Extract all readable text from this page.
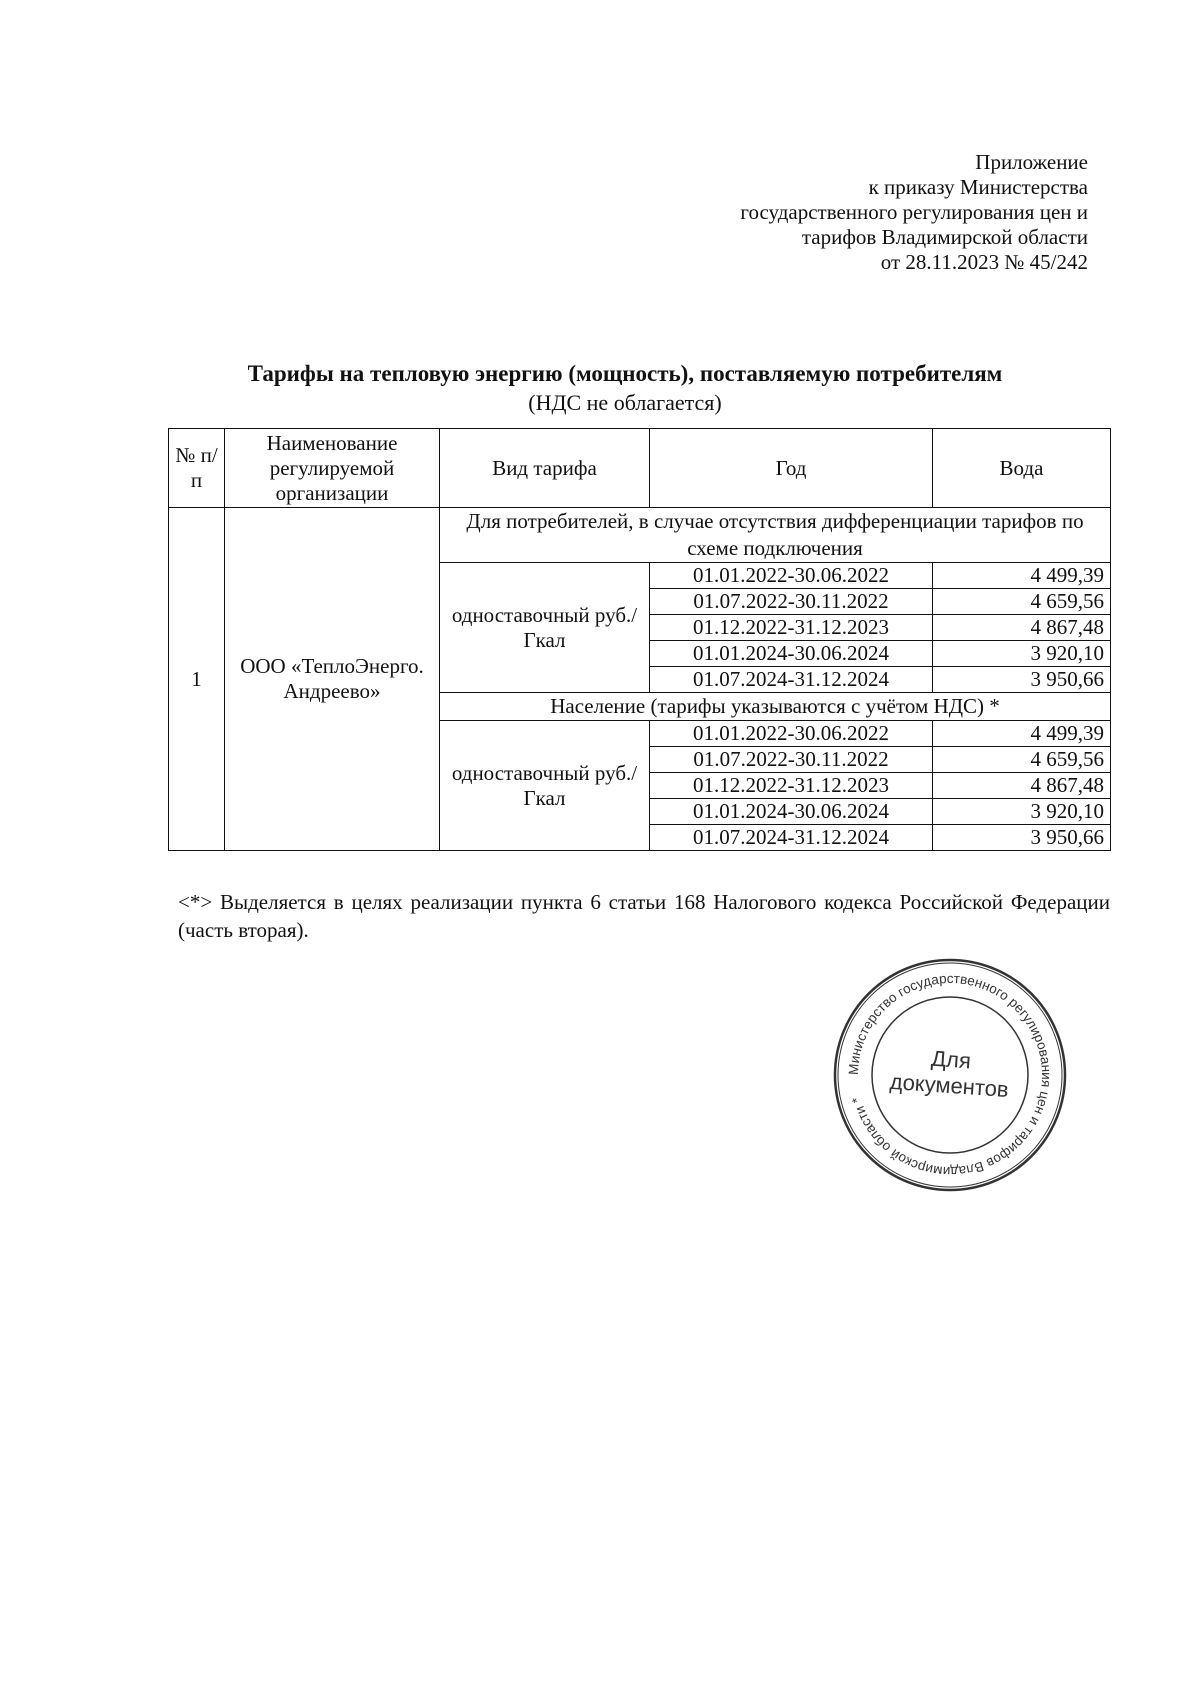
Приложение
к приказу Министерства
государственного регулирования цен и
тарифов Владимирской области
от 28.11.2023 № 45/242
Тарифы на тепловую энергию (мощность), поставляемую потребителям
(НДС не облагается)
№ п/п	Наименование регулируемой организации	Вид тарифа	Год	Вода
1	ООО «ТеплоЭнерго. Андреево»	Для потребителей, в случае отсутствия дифференциации тарифов по схеме подключения		
		одноставочный руб./Гкал	01.01.2022-30.06.2022	4 499,39
			01.07.2022-30.11.2022	4 659,56
			01.12.2022-31.12.2023	4 867,48
			01.01.2024-30.06.2024	3 920,10
			01.07.2024-31.12.2024	3 950,66
		Население (тарифы указываются с учётом НДС) *		
		одноставочный руб./Гкал	01.01.2022-30.06.2022	4 499,39
			01.07.2022-30.11.2022	4 659,56
			01.12.2022-31.12.2023	4 867,48
			01.01.2024-30.06.2024	3 920,10
			01.07.2024-31.12.2024	3 950,66
<*> Выделяется в целях реализации пункта 6 статьи 168 Налогового кодекса Российской Федерации (часть вторая).
Министерство государственного регулирования цен и тарифов Владимирской области *
Для
документов
